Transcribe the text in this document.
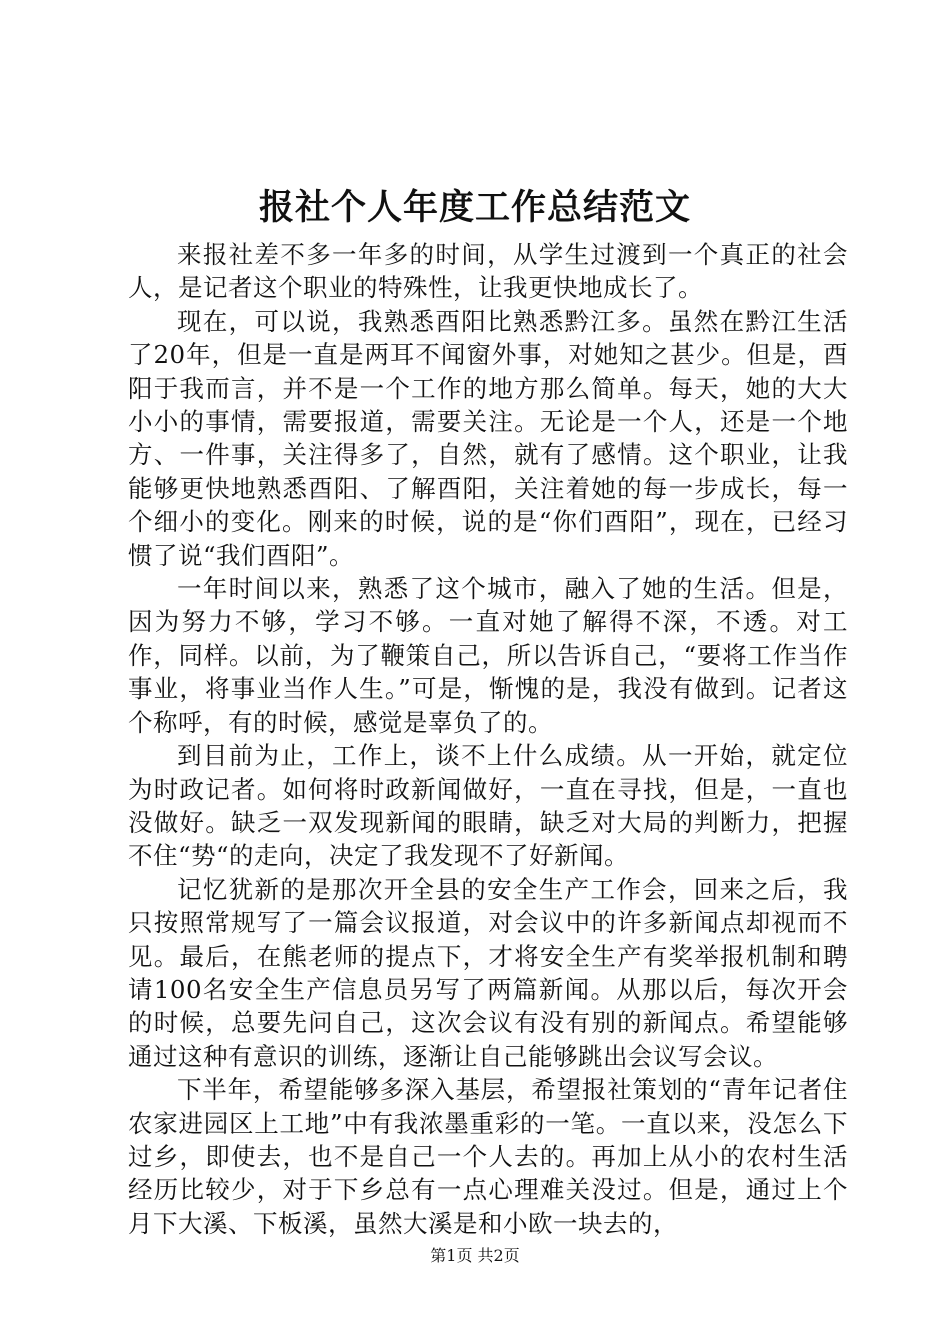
报社个人年度工作总结范文

来报社差不多一年多的时间，从学生过渡到一个真正的社会人，是记者这个职业的特殊性，让我更快地成长了。

现在，可以说，我熟悉酉阳比熟悉黔江多。虽然在黔江生活了20年，但是一直是两耳不闻窗外事，对她知之甚少。但是，酉阳于我而言，并不是一个工作的地方那么简单。每天，她的大大小小的事情，需要报道，需要关注。无论是一个人，还是一个地方、一件事，关注得多了，自然，就有了感情。这个职业，让我能够更快地熟悉酉阳、了解酉阳，关注着她的每一步成长，每一个细小的变化。刚来的时候，说的是“你们酉阳”，现在，已经习惯了说“我们酉阳”。

一年时间以来，熟悉了这个城市，融入了她的生活。但是，因为努力不够，学习不够。一直对她了解得不深，不透。对工作，同样。以前，为了鞭策自己，所以告诉自己，“要将工作当作事业，将事业当作人生。”可是，惭愧的是，我没有做到。记者这个称呼，有的时候，感觉是辜负了的。

到目前为止，工作上，谈不上什么成绩。从一开始，就定位为时政记者。如何将时政新闻做好，一直在寻找，但是，一直也没做好。缺乏一双发现新闻的眼睛，缺乏对大局的判断力，把握不住“势“的走向，决定了我发现不了好新闻。

记忆犹新的是那次开全县的安全生产工作会，回来之后，我只按照常规写了一篇会议报道，对会议中的许多新闻点却视而不见。最后，在熊老师的提点下，才将安全生产有奖举报机制和聘请100名安全生产信息员另写了两篇新闻。从那以后，每次开会的时候，总要先问自己，这次会议有没有别的新闻点。希望能够通过这种有意识的训练，逐渐让自己能够跳出会议写会议。

下半年，希望能够多深入基层，希望报社策划的“青年记者住农家进园区上工地”中有我浓墨重彩的一笔。一直以来，没怎么下过乡，即使去，也不是自己一个人去的。再加上从小的农村生活经历比较少，对于下乡总有一点心理难关没过。但是，通过上个月下大溪、下板溪，虽然大溪是和小欧一块去的，

第1页 共2页
